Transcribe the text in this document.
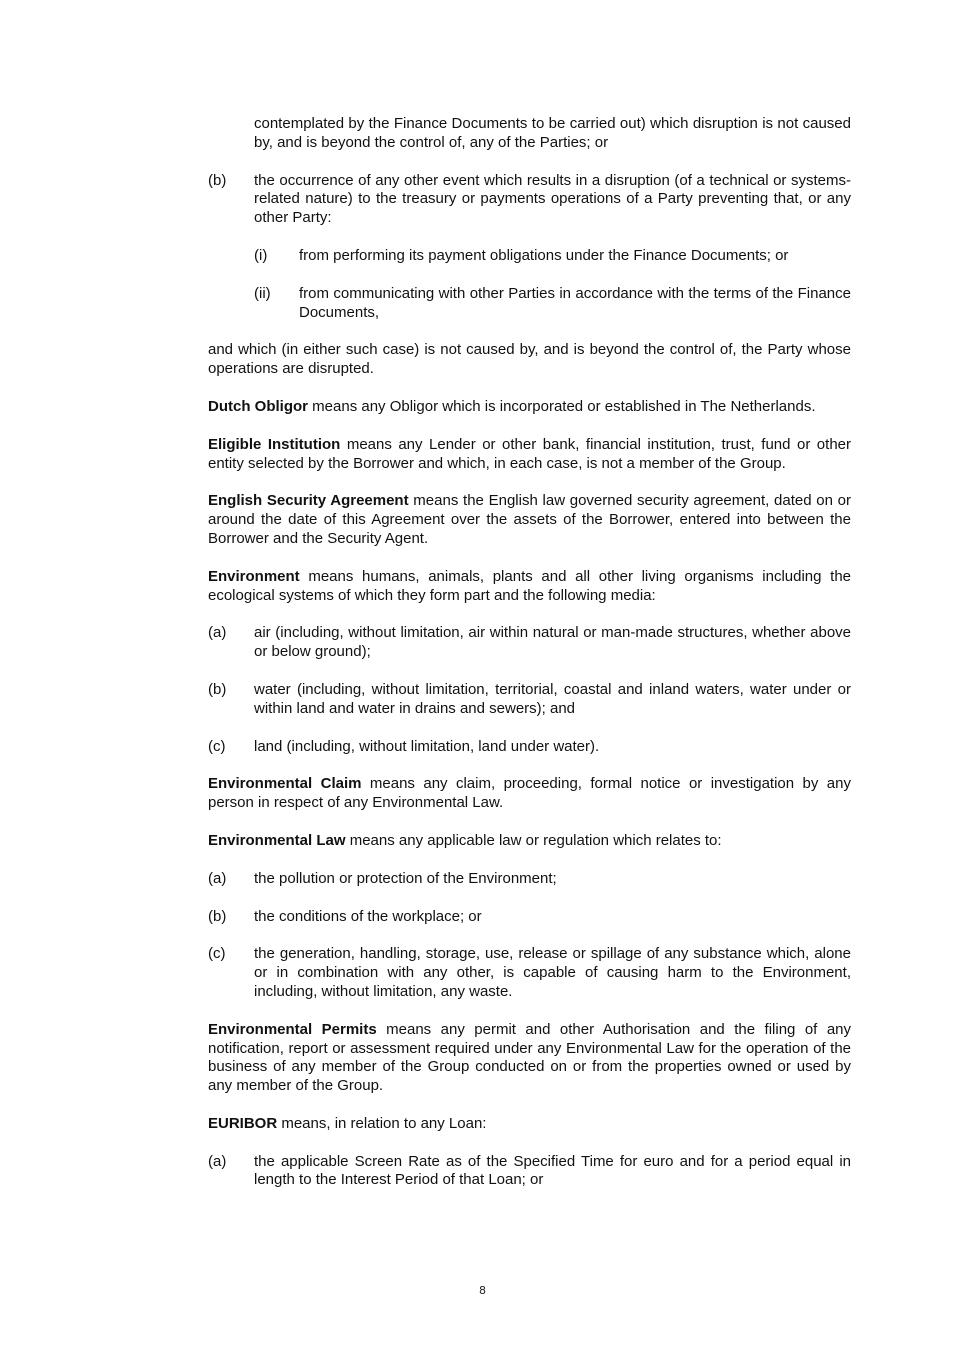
contemplated by the Finance Documents to be carried out) which disruption is not caused by, and is beyond the control of, any of the Parties; or

(b)	the occurrence of any other event which results in a disruption (of a technical or systems-related nature) to the treasury or payments operations of a Party preventing that, or any other Party:
(i)	from performing its payment obligations under the Finance Documents; or
(ii)	from communicating with other Parties in accordance with the terms of the Finance Documents,

and which (in either such case) is not caused by, and is beyond the control of, the Party whose operations are disrupted.

Dutch Obligor means any Obligor which is incorporated or established in The Netherlands.

Eligible Institution means any Lender or other bank, financial institution, trust, fund or other entity selected by the Borrower and which, in each case, is not a member of the Group.

English Security Agreement means the English law governed security agreement, dated on or around the date of this Agreement over the assets of the Borrower, entered into between the Borrower and the Security Agent.

Environment means humans, animals, plants and all other living organisms including the ecological systems of which they form part and the following media:

(a)	air (including, without limitation, air within natural or man-made structures, whether above or below ground);
(b)	water (including, without limitation, territorial, coastal and inland waters, water under or within land and water in drains and sewers); and
(c)	land (including, without limitation, land under water).

Environmental Claim means any claim, proceeding, formal notice or investigation by any person in respect of any Environmental Law.

Environmental Law means any applicable law or regulation which relates to:

(a)	the pollution or protection of the Environment;
(b)	the conditions of the workplace; or
(c)	the generation, handling, storage, use, release or spillage of any substance which, alone or in combination with any other, is capable of causing harm to the Environment, including, without limitation, any waste.

Environmental Permits means any permit and other Authorisation and the filing of any notification, report or assessment required under any Environmental Law for the operation of the business of any member of the Group conducted on or from the properties owned or used by any member of the Group.

EURIBOR means, in relation to any Loan:

(a)	the applicable Screen Rate as of the Specified Time for euro and for a period equal in length to the Interest Period of that Loan; or
8
